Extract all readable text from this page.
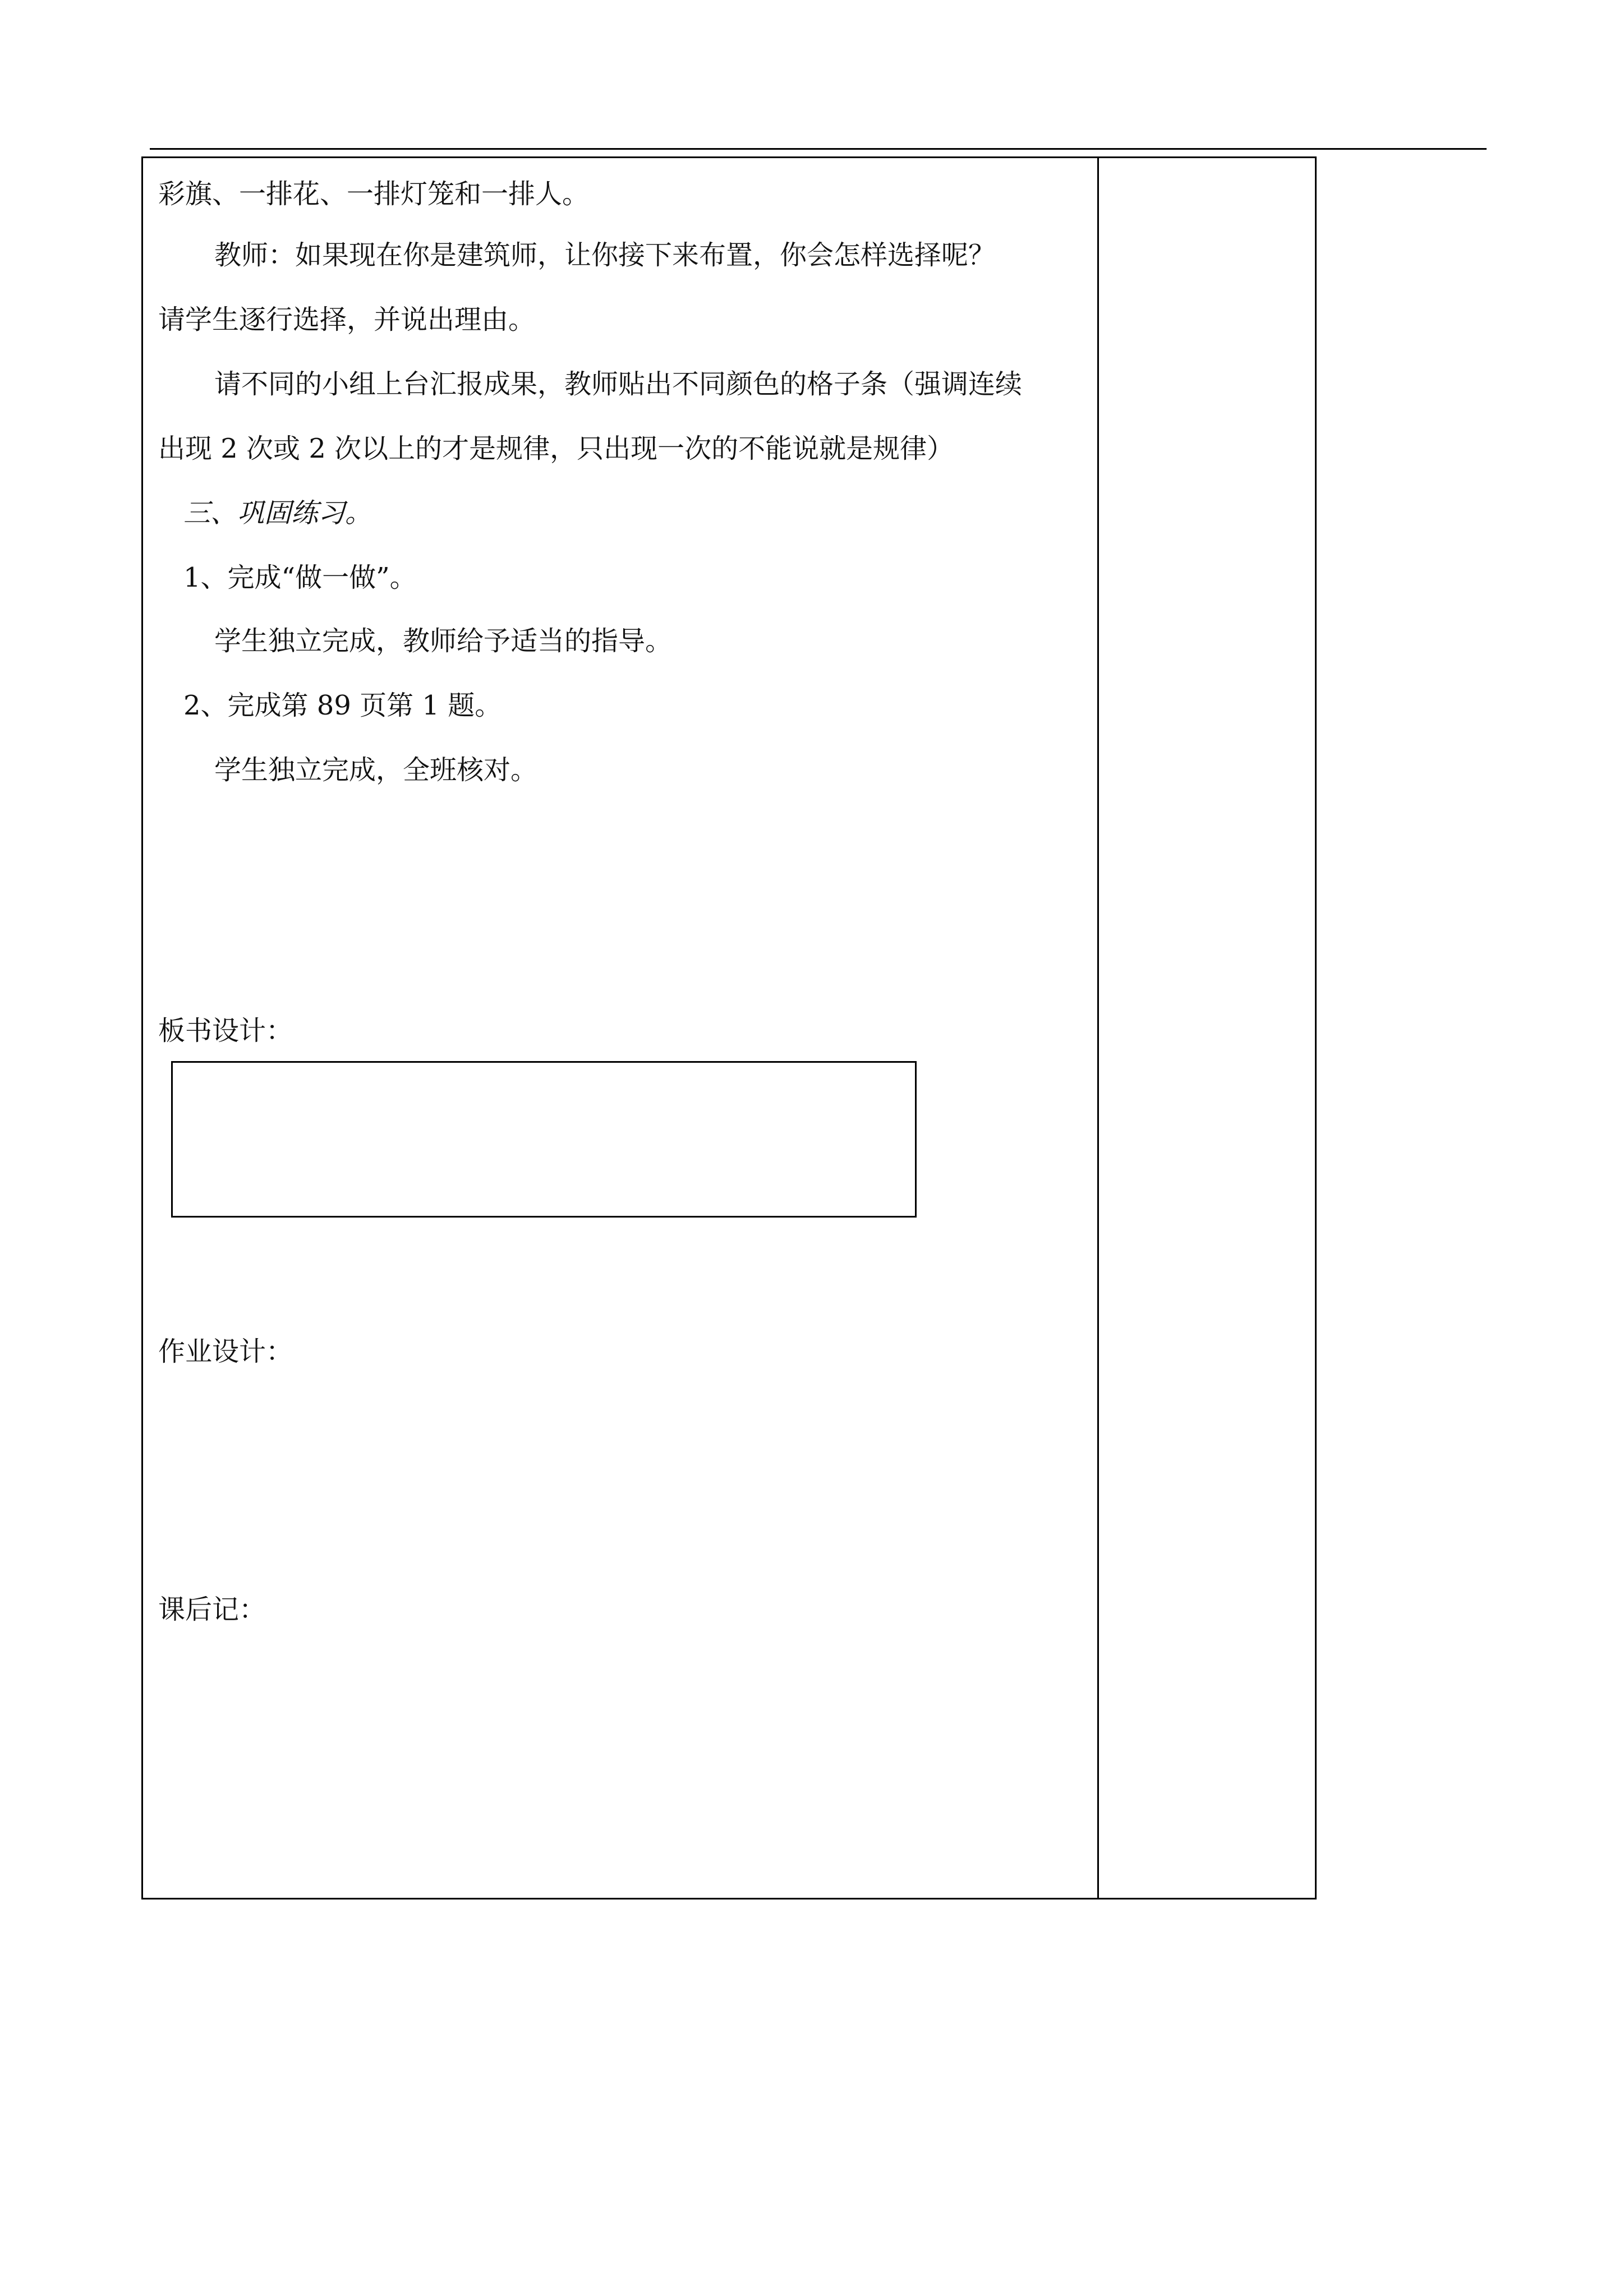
彩旗、一排花、一排灯笼和一排人。
教师：如果现在你是建筑师，让你接下来布置，你会怎样选择呢？
请学生逐行选择，并说出理由。
请不同的小组上台汇报成果，教师贴出不同颜色的格子条（强调连续
出现 2 次或 2 次以上的才是规律，只出现一次的不能说就是规律）
三、巩固练习。
1、完成“做一做”。
学生独立完成，教师给予适当的指导。
2、完成第 89 页第 1 题。
学生独立完成，全班核对。
板书设计：
作业设计：
课后记：
